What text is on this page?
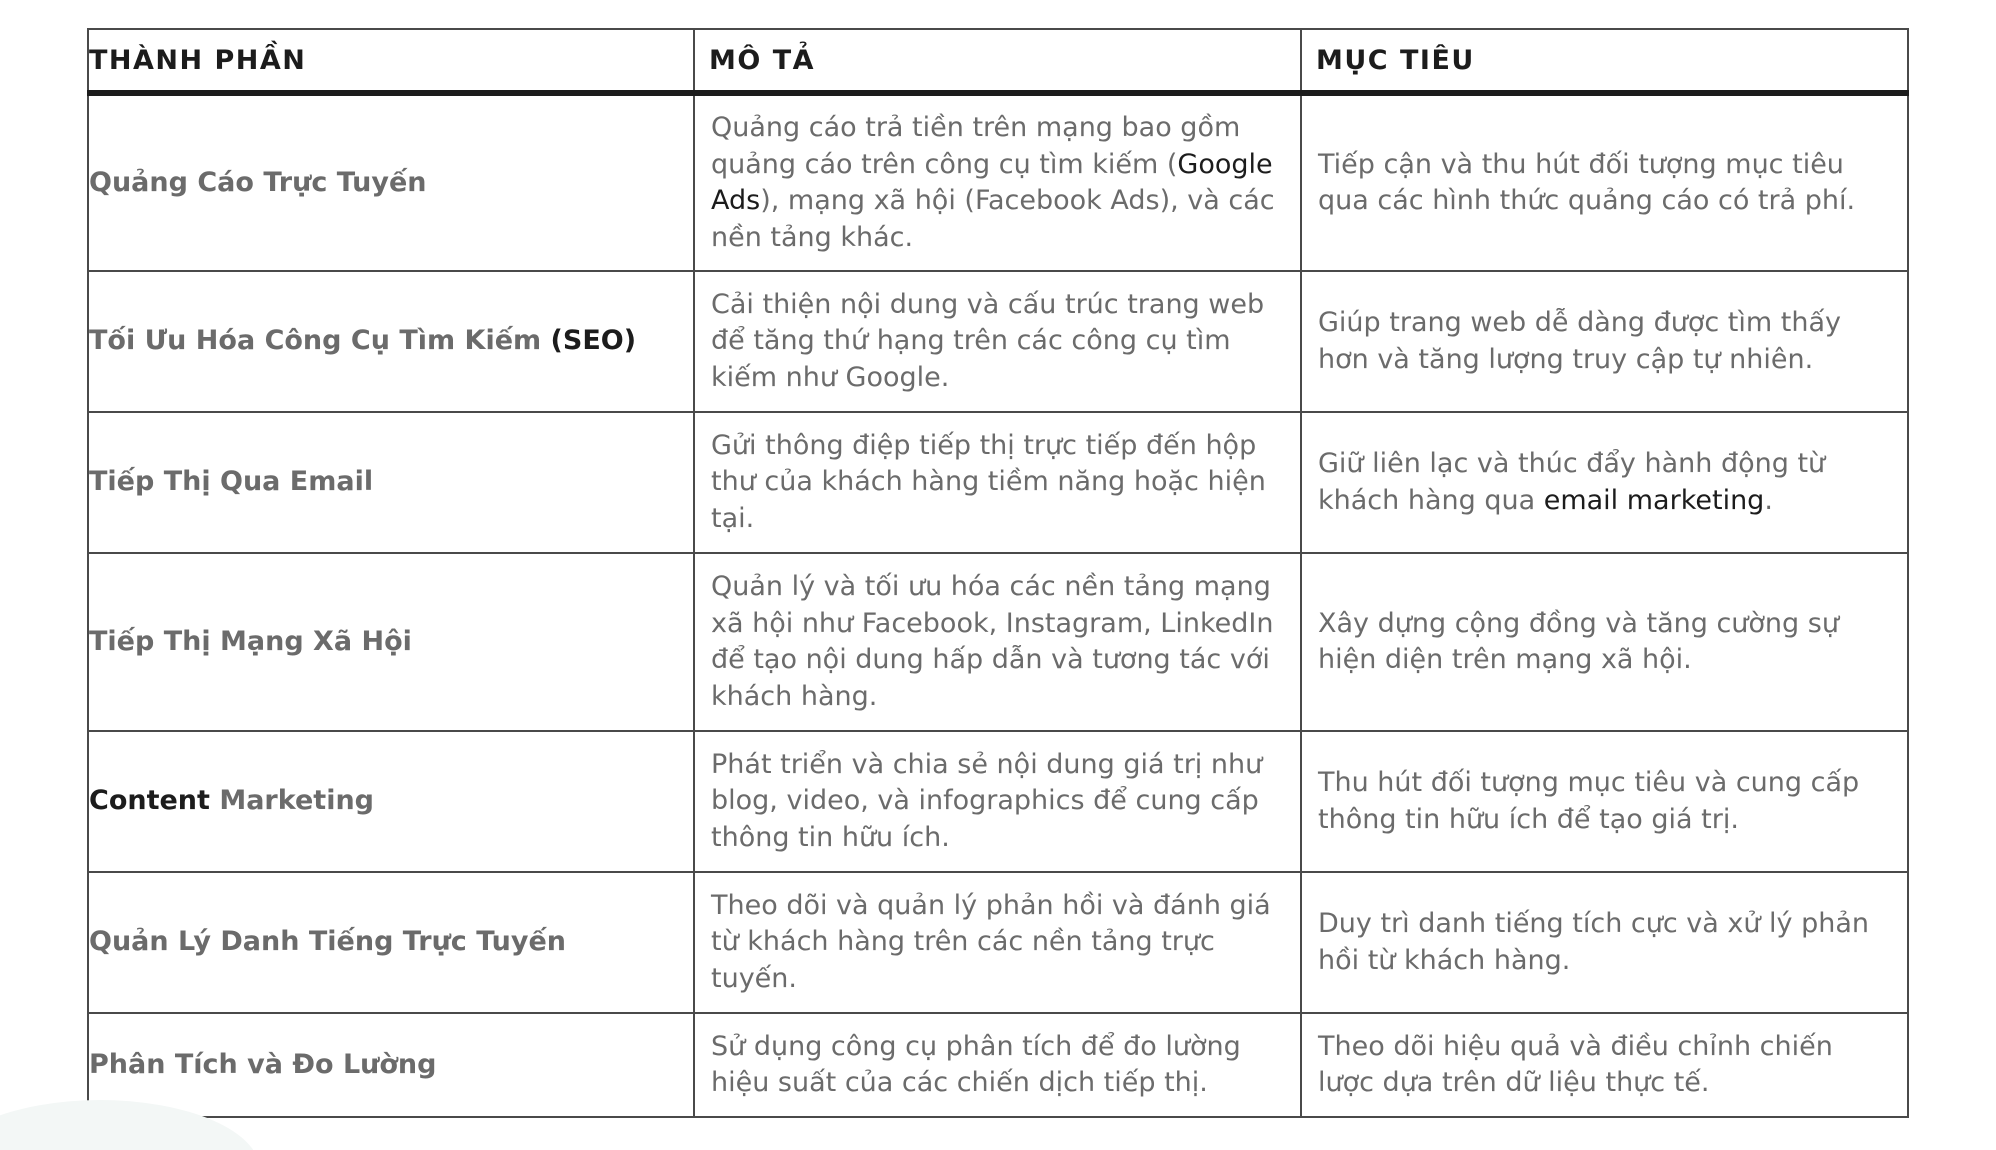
THÀNH PHẦN	MÔ TẢ	MỤC TIÊU
Quảng Cáo Trực Tuyến	Quảng cáo trả tiền trên mạng bao gồm quảng cáo trên công cụ tìm kiếm (Google Ads), mạng xã hội (Facebook Ads), và các nền tảng khác.	Tiếp cận và thu hút đối tượng mục tiêu qua các hình thức quảng cáo có trả phí.
Tối Ưu Hóa Công Cụ Tìm Kiếm (SEO)	Cải thiện nội dung và cấu trúc trang web để tăng thứ hạng trên các công cụ tìm kiếm như Google.	Giúp trang web dễ dàng được tìm thấy hơn và tăng lượng truy cập tự nhiên.
Tiếp Thị Qua Email	Gửi thông điệp tiếp thị trực tiếp đến hộp thư của khách hàng tiềm năng hoặc hiện tại.	Giữ liên lạc và thúc đẩy hành động từ khách hàng qua email marketing.
Tiếp Thị Mạng Xã Hội	Quản lý và tối ưu hóa các nền tảng mạng xã hội như Facebook, Instagram, LinkedIn để tạo nội dung hấp dẫn và tương tác với khách hàng.	Xây dựng cộng đồng và tăng cường sự hiện diện trên mạng xã hội.
Content Marketing	Phát triển và chia sẻ nội dung giá trị như blog, video, và infographics để cung cấp thông tin hữu ích.	Thu hút đối tượng mục tiêu và cung cấp thông tin hữu ích để tạo giá trị.
Quản Lý Danh Tiếng Trực Tuyến	Theo dõi và quản lý phản hồi và đánh giá từ khách hàng trên các nền tảng trực tuyến.	Duy trì danh tiếng tích cực và xử lý phản hồi từ khách hàng.
Phân Tích và Đo Lường	Sử dụng công cụ phân tích để đo lường hiệu suất của các chiến dịch tiếp thị.	Theo dõi hiệu quả và điều chỉnh chiến lược dựa trên dữ liệu thực tế.
